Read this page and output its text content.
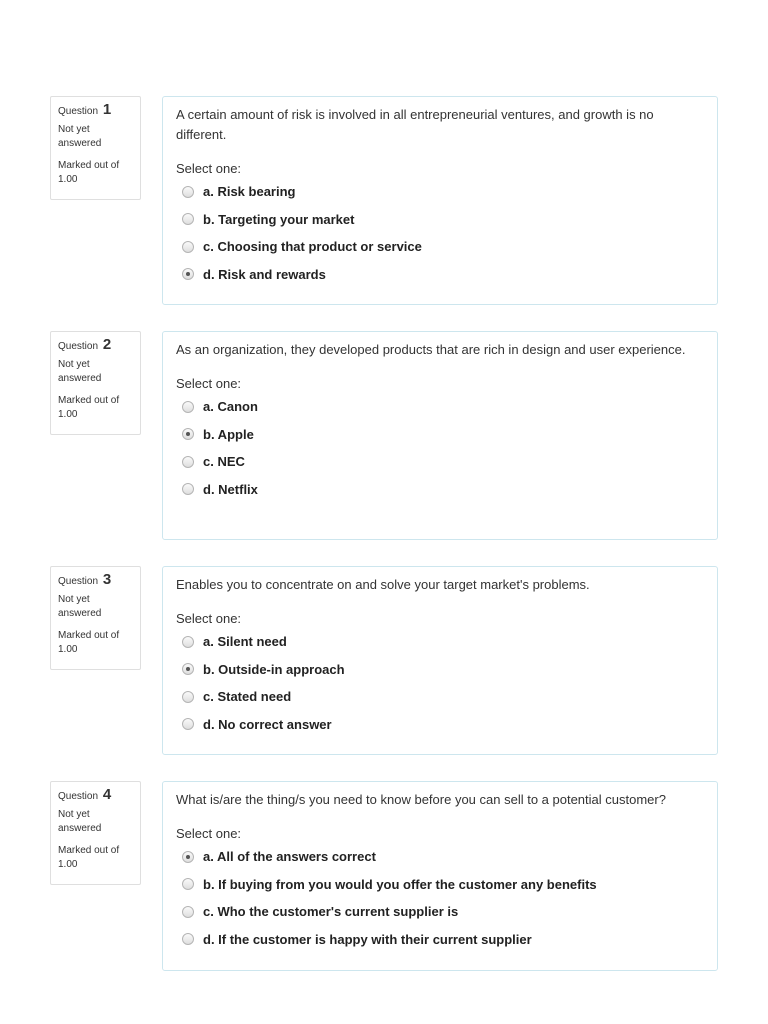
Question 1
Not yet answered
Marked out of 1.00

A certain amount of risk is involved in all entrepreneurial ventures, and growth is no different.

Select one:
a. Risk bearing
b. Targeting your market
c. Choosing that product or service
d. Risk and rewards
Question 2
Not yet answered
Marked out of 1.00

As an organization, they developed products that are rich in design and user experience.

Select one:
a. Canon
b. Apple
c. NEC
d. Netflix
Question 3
Not yet answered
Marked out of 1.00

Enables you to concentrate on and solve your target market's problems.

Select one:
a. Silent need
b. Outside-in approach
c. Stated need
d. No correct answer
Question 4
Not yet answered
Marked out of 1.00

What is/are the thing/s you need to know before you can sell to a potential customer?

Select one:
a. All of the answers correct
b. If buying from you would you offer the customer any benefits
c. Who the customer's current supplier is
d. If the customer is happy with their current supplier
